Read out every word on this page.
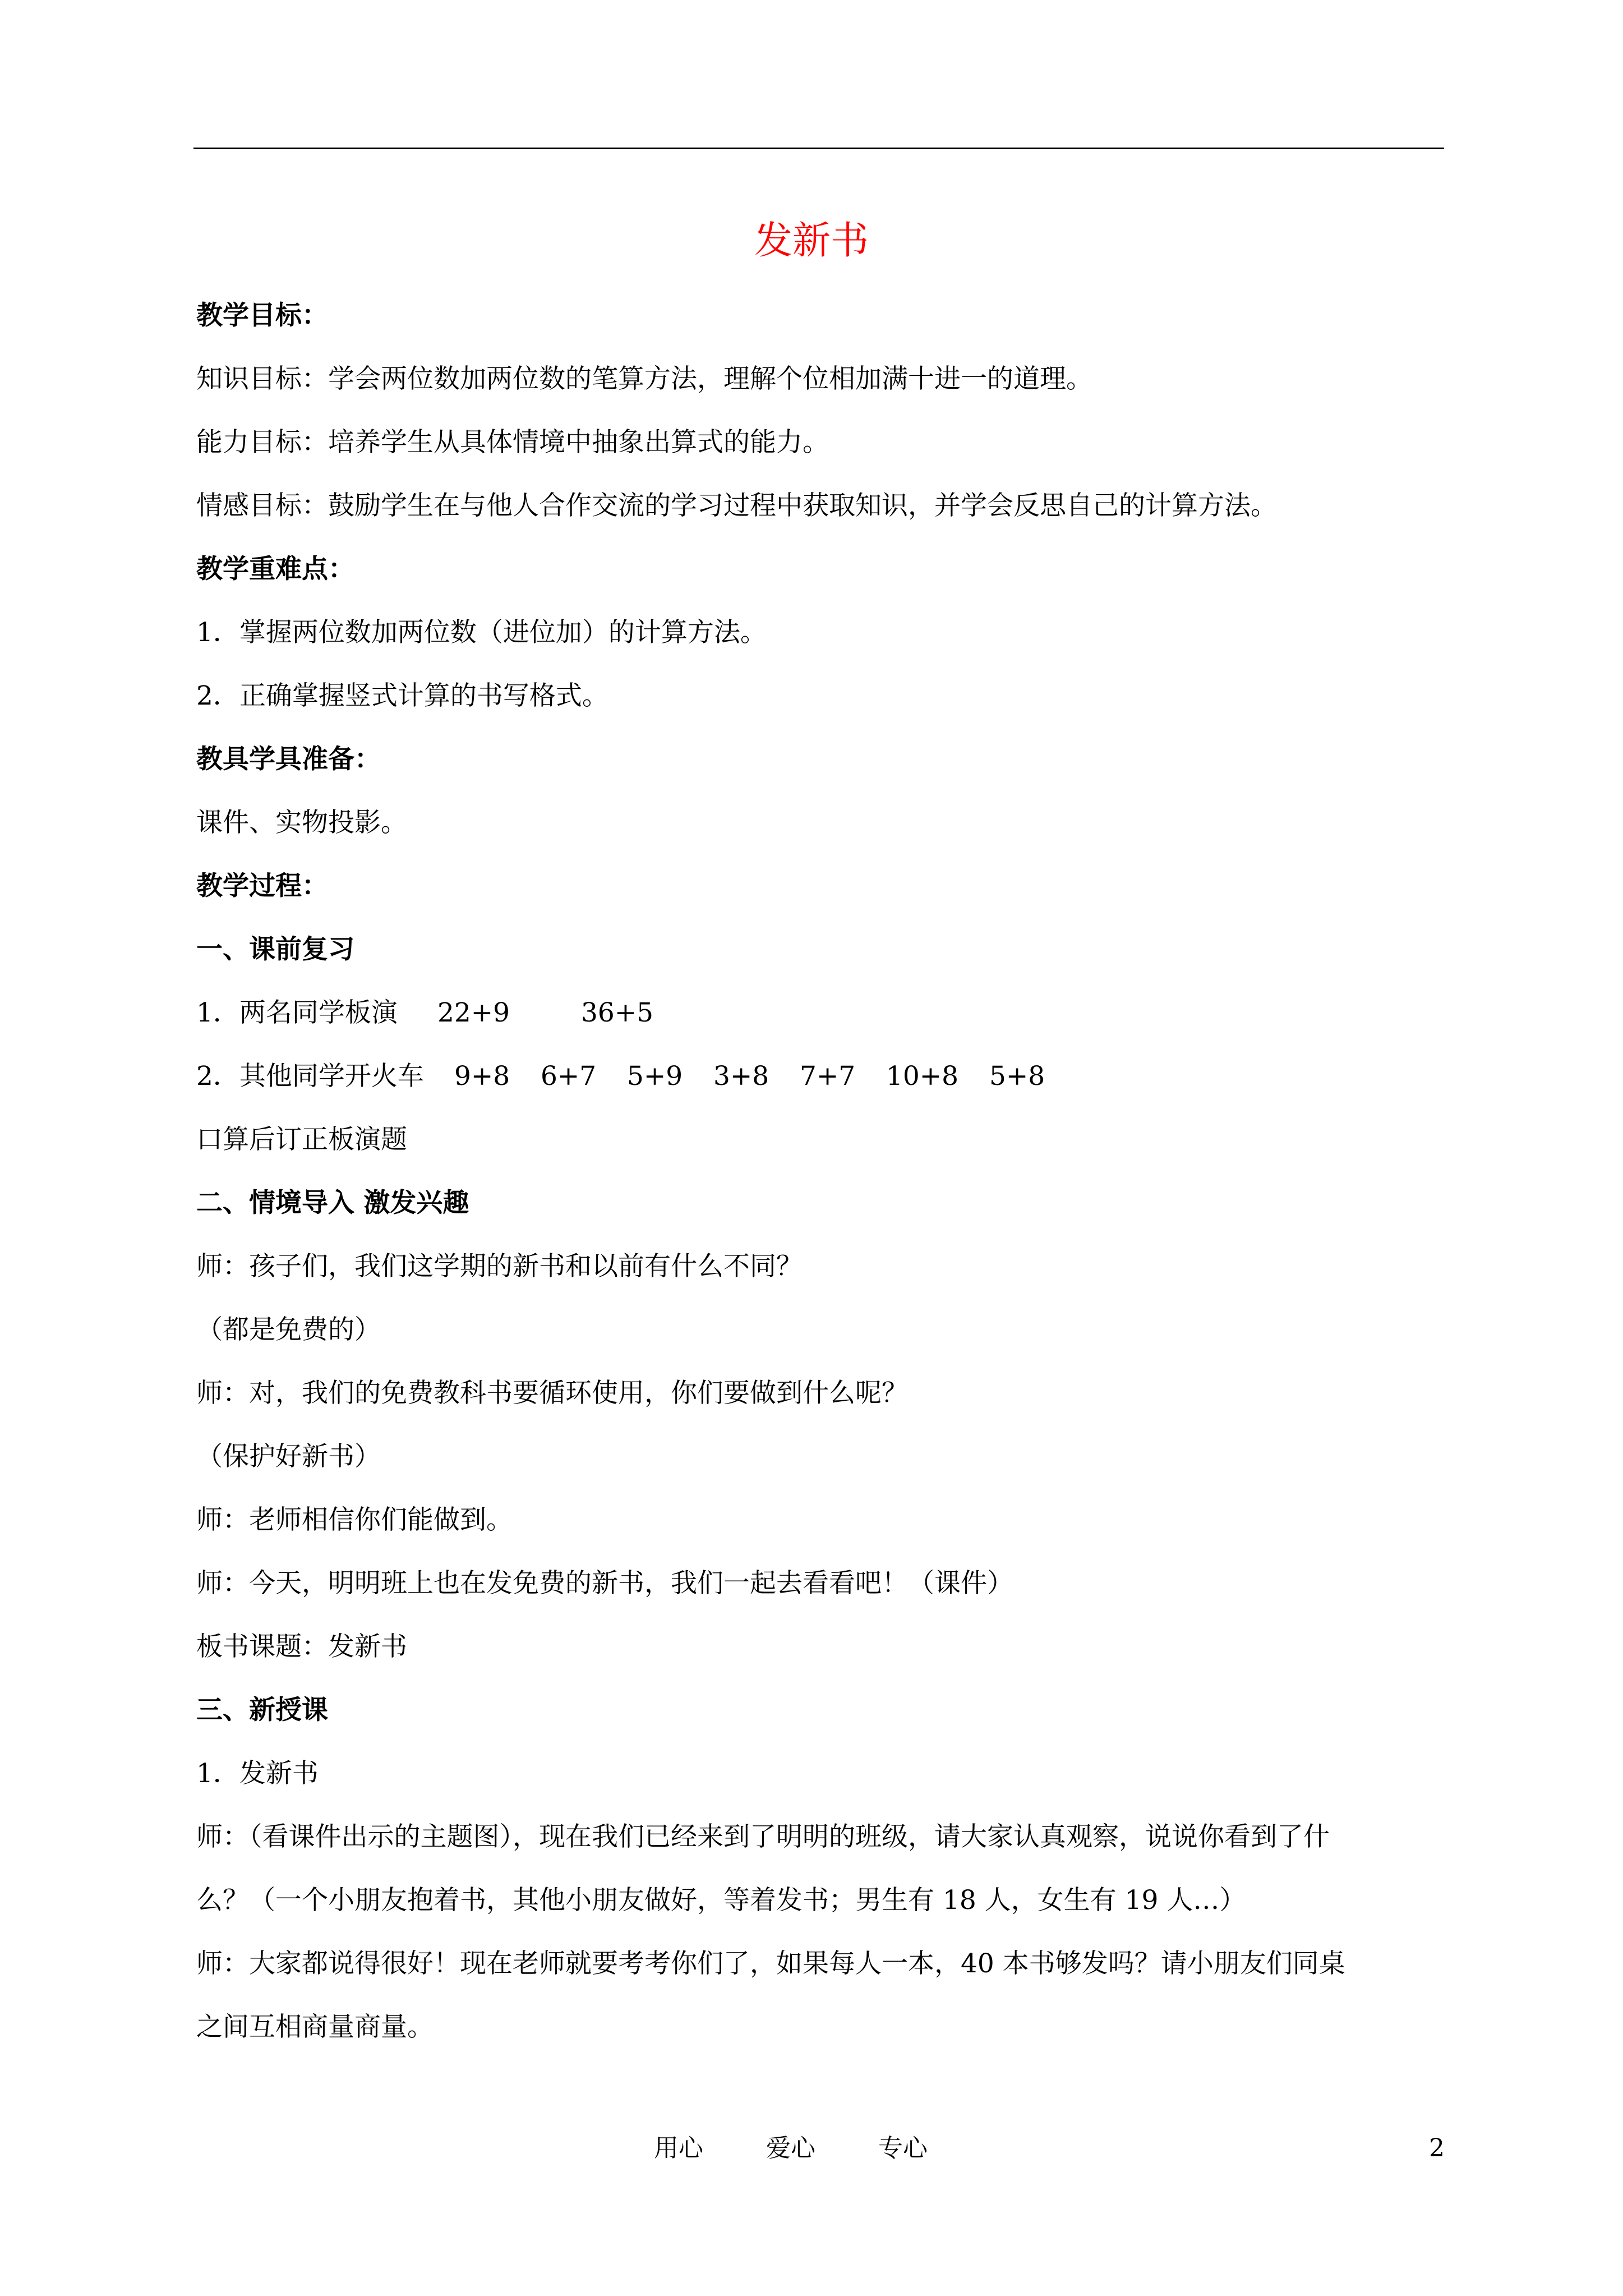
发新书
教学目标：
知识目标：学会两位数加两位数的笔算方法，理解个位相加满十进一的道理。
能力目标：培养学生从具体情境中抽象出算式的能力。
情感目标：鼓励学生在与他人合作交流的学习过程中获取知识，并学会反思自己的计算方法。
教学重难点：
1．掌握两位数加两位数（进位加）的计算方法。
2．正确掌握竖式计算的书写格式。
教具学具准备：
课件、实物投影。
教学过程：
一、课前复习
1．两名同学板演 22+9	36+5
2．其他同学开火车 9+8 6+7 5+9 3+8 7+7 10+8 5+8
口算后订正板演题
二、情境导入 激发兴趣
师：孩子们，我们这学期的新书和以前有什么不同？
（都是免费的）
师：对，我们的免费教科书要循环使用，你们要做到什么呢？
（保护好新书）
师：老师相信你们能做到。
师：今天，明明班上也在发免费的新书，我们一起去看看吧！（课件）
板书课题：发新书
三、新授课
1．发新书
师：（看课件出示的主题图），现在我们已经来到了明明的班级，请大家认真观察，说说你看到了什
么？（一个小朋友抱着书，其他小朋友做好，等着发书；男生有 18 人，女生有 19 人…）
师：大家都说得很好！现在老师就要考考你们了，如果每人一本，40 本书够发吗？请小朋友们同桌
之间互相商量商量。
用心	爱心	专心	2
